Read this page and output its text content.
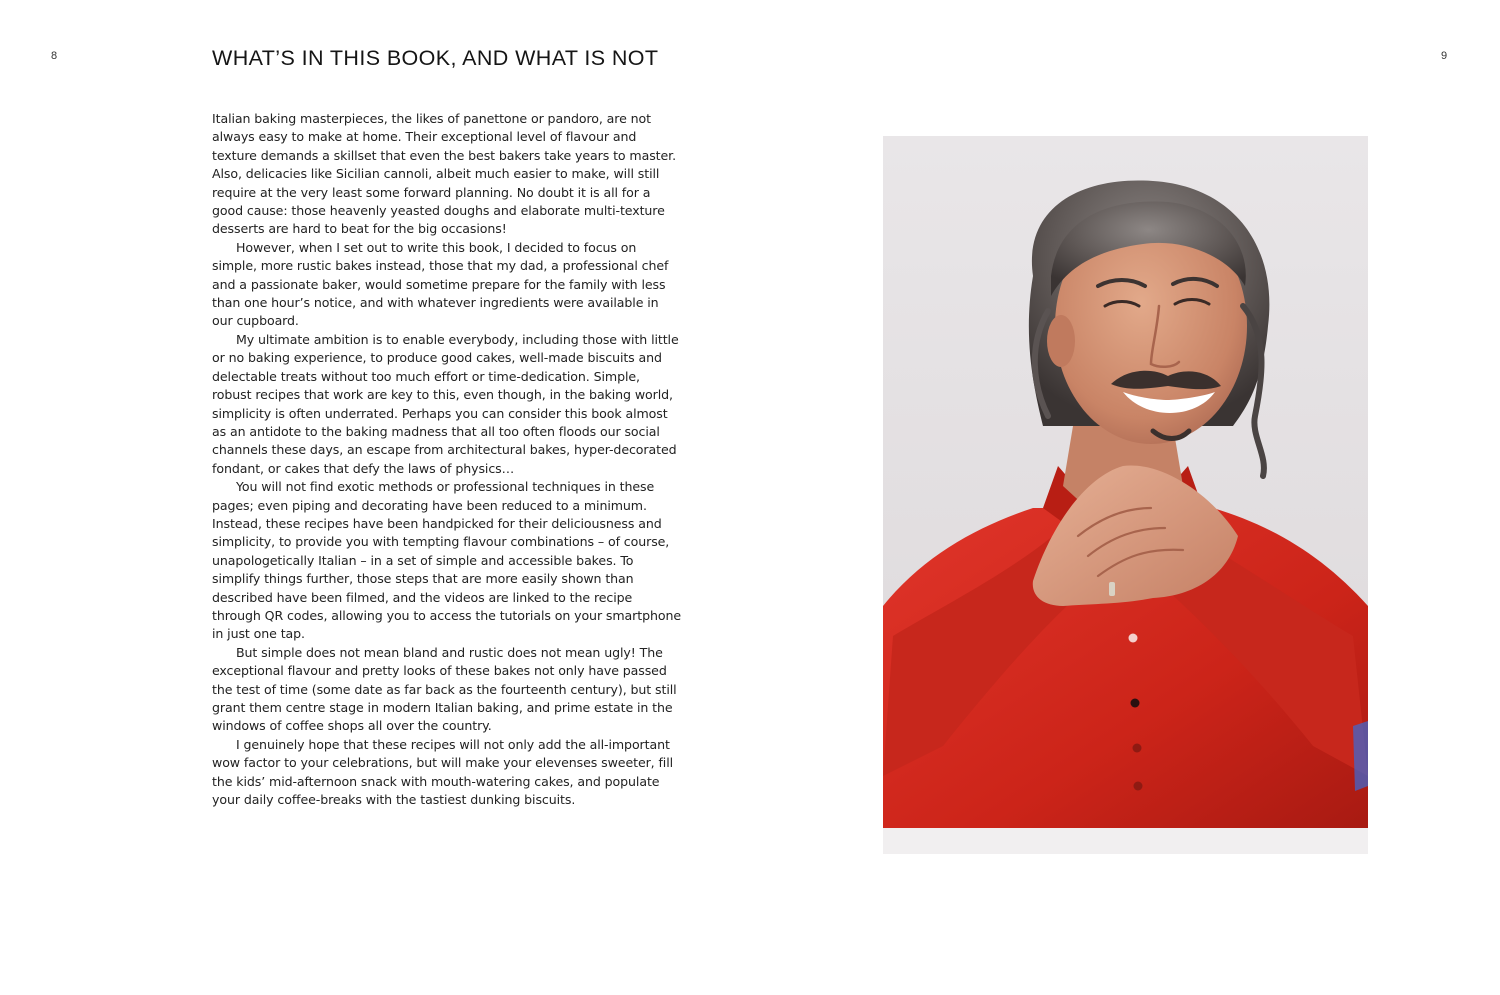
8	9
WHAT’S IN THIS BOOK, AND WHAT IS NOT

Italian baking masterpieces, the likes of panettone or pandoro, are not always easy to make at home. Their exceptional level of flavour and texture demands a skillset that even the best bakers take years to master. Also, delicacies like Sicilian cannoli, albeit much easier to make, will still require at the very least some forward planning. No doubt it is all for a good cause: those heavenly yeasted doughs and elaborate multi-texture desserts are hard to beat for the big occasions!

However, when I set out to write this book, I decided to focus on simple, more rustic bakes instead, those that my dad, a professional chef and a passionate baker, would sometime prepare for the family with less than one hour’s notice, and with whatever ingredients were available in our cupboard.

My ultimate ambition is to enable everybody, including those with little or no baking experience, to produce good cakes, well-made biscuits and delectable treats without too much effort or time-dedication. Simple, robust recipes that work are key to this, even though, in the baking world, simplicity is often underrated. Perhaps you can consider this book almost as an antidote to the baking madness that all too often floods our social channels these days, an escape from architectural bakes, hyper-decorated fondant, or cakes that defy the laws of physics…

You will not find exotic methods or professional techniques in these pages; even piping and decorating have been reduced to a minimum. Instead, these recipes have been handpicked for their deliciousness and simplicity, to provide you with tempting flavour combinations – of course, unapologetically Italian – in a set of simple and accessible bakes. To simplify things further, those steps that are more easily shown than described have been filmed, and the videos are linked to the recipe through QR codes, allowing you to access the tutorials on your smartphone in just one tap.

But simple does not mean bland and rustic does not mean ugly! The exceptional flavour and pretty looks of these bakes not only have passed the test of time (some date as far back as the fourteenth century), but still grant them centre stage in modern Italian baking, and prime estate in the windows of coffee shops all over the country.

I genuinely hope that these recipes will not only add the all-important wow factor to your celebrations, but will make your elevenses sweeter, fill the kids’ mid-afternoon snack with mouth-watering cakes, and populate your daily coffee-breaks with the tastiest dunking biscuits.
